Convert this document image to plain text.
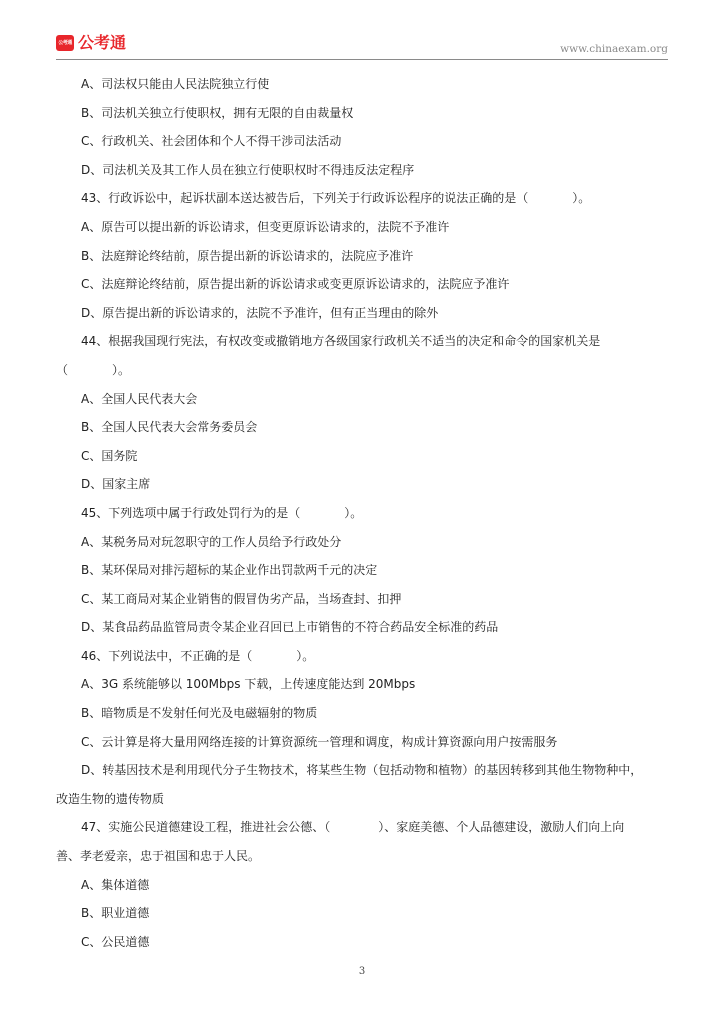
公考通 公考通	www.chinaexam.org
A、司法权只能由人民法院独立行使
B、司法机关独立行使职权，拥有无限的自由裁量权
C、行政机关、社会团体和个人不得干涉司法活动
D、司法机关及其工作人员在独立行使职权时不得违反法定程序
43、行政诉讼中，起诉状副本送达被告后，下列关于行政诉讼程序的说法正确的是（	）。
A、原告可以提出新的诉讼请求，但变更原诉讼请求的，法院不予准许
B、法庭辩论终结前，原告提出新的诉讼请求的，法院应予准许
C、法庭辩论终结前，原告提出新的诉讼请求或变更原诉讼请求的，法院应予准许
D、原告提出新的诉讼请求的，法院不予准许，但有正当理由的除外
44、根据我国现行宪法，有权改变或撤销地方各级国家行政机关不适当的决定和命令的国家机关是
（	）。
A、全国人民代表大会
B、全国人民代表大会常务委员会
C、国务院
D、国家主席
45、下列选项中属于行政处罚行为的是（	）。
A、某税务局对玩忽职守的工作人员给予行政处分
B、某环保局对排污超标的某企业作出罚款两千元的决定
C、某工商局对某企业销售的假冒伪劣产品，当场查封、扣押
D、某食品药品监管局责令某企业召回已上市销售的不符合药品安全标准的药品
46、下列说法中，不正确的是（	）。
A、3G 系统能够以 100Mbps 下载，上传速度能达到 20Mbps
B、暗物质是不发射任何光及电磁辐射的物质
C、云计算是将大量用网络连接的计算资源统一管理和调度，构成计算资源向用户按需服务
D、转基因技术是利用现代分子生物技术，将某些生物（包括动物和植物）的基因转移到其他生物物种中，
改造生物的遗传物质
47、实施公民道德建设工程，推进社会公德、（	）、家庭美德、个人品德建设，激励人们向上向
善、孝老爱亲，忠于祖国和忠于人民。
A、集体道德
B、职业道德
C、公民道德
3
